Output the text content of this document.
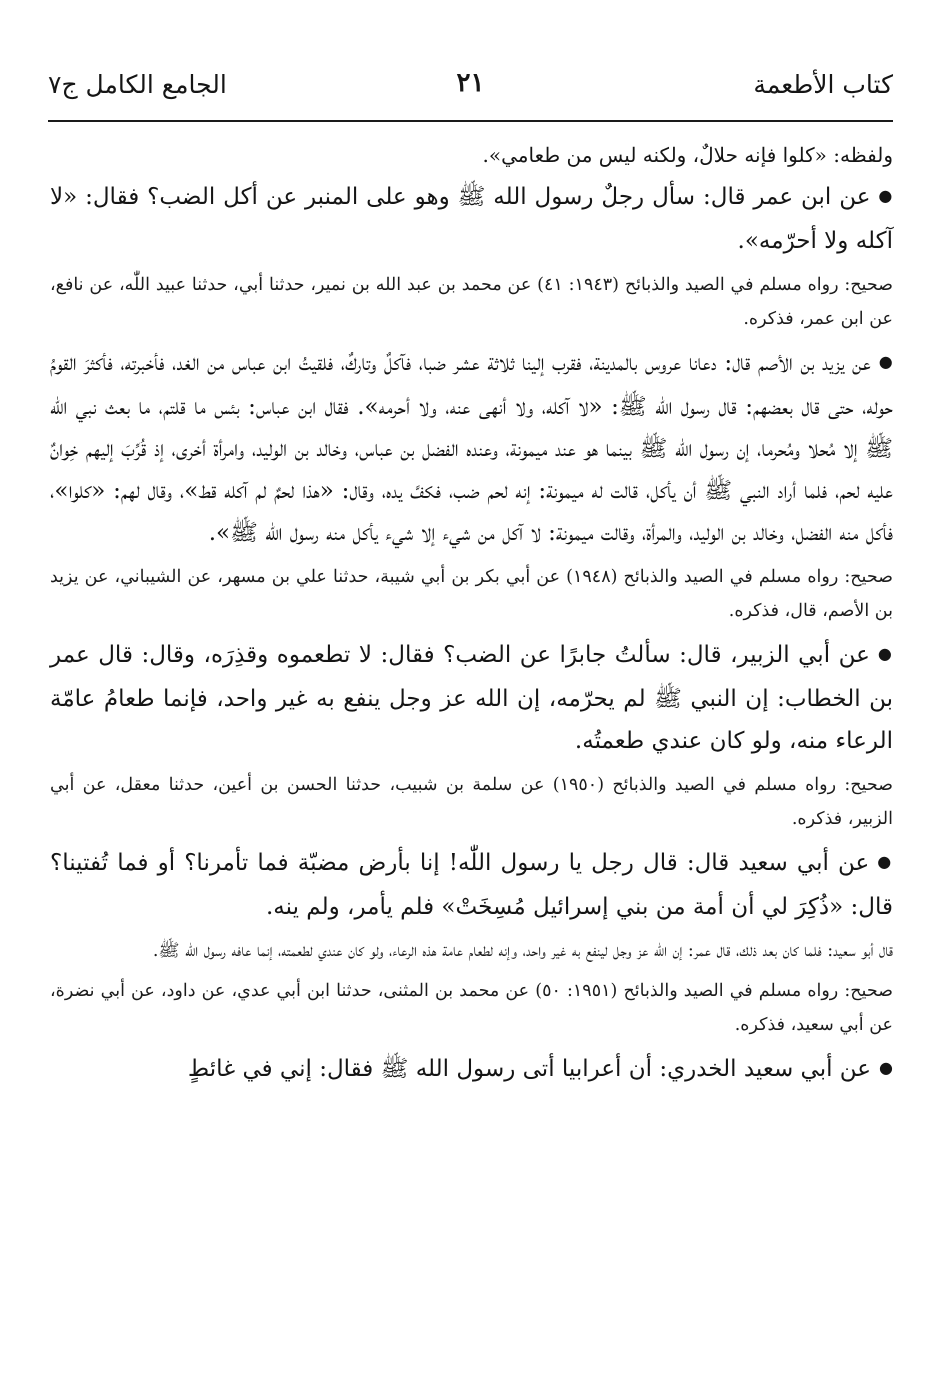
كتاب الأطعمة
٢١
الجامع الكامل ج٧

ولفظه: «كلوا فإنه حلالٌ، ولكنه ليس من طعامي».

●عن ابن عمر قال: سأل رجلٌ رسول الله ﷺ وهو على المنبر عن أكل الضب؟ فقال: «لا آكله ولا أحرّمه».

صحيح: رواه مسلم في الصيد والذبائح (١٩٤٣: ٤١) عن محمد بن عبد الله بن نمير، حدثنا أبي، حدثنا عبيد اللّٰه، عن نافع، عن ابن عمر، فذكره.

●عن يزيد بن الأصم قال: دعانا عروس بالمدينة، فقرب إلينا ثلاثة عشر ضبا، فآكلٌ وتاركٌ، فلقيتُ ابن عباس من الغد، فأخبرته، فأكثرَ القومُ حوله، حتى قال بعضهم: قال رسول الله ﷺ: «لا آكله، ولا أنهى عنه، ولا أحرمه». فقال ابن عباس: بئس ما قلتم، ما بعث نبي الله ﷺ إلا مُحلا ومُحرما، إن رسول الله ﷺ بينما هو عند ميمونة، وعنده الفضل بن عباس، وخالد بن الوليد، وامرأة أخرى، إذ قُرِّبَ إليهم خِوانٌ عليه لحم، فلما أراد النبي ﷺ أن يأكل، قالت له ميمونة: إنه لحم ضب، فكفَّ يده، وقال: «هذا لحمٌ لم آكله قط»، وقال لهم: «كلوا»، فأكل منه الفضل، وخالد بن الوليد، والمرأة، وقالت ميمونة: لا آكل من شيء إلا شيء يأكل منه رسول الله ﷺ».

صحيح: رواه مسلم في الصيد والذبائح (١٩٤٨) عن أبي بكر بن أبي شيبة، حدثنا علي بن مسهر، عن الشيباني، عن يزيد بن الأصم، قال، فذكره.

●عن أبي الزبير، قال: سألتُ جابرًا عن الضب؟ فقال: لا تطعموه وقذِرَه، وقال: قال عمر بن الخطاب: إن النبي ﷺ لم يحرّمه، إن الله عز وجل ينفع به غير واحد، فإنما طعامُ عامّة الرعاء منه، ولو كان عندي طعمتُه.

صحيح: رواه مسلم في الصيد والذبائح (١٩٥٠) عن سلمة بن شبيب، حدثنا الحسن بن أعين، حدثنا معقل، عن أبي الزبير، فذكره.

●عن أبي سعيد قال: قال رجل يا رسول اللّٰه! إنا بأرض مضبّة فما تأمرنا؟ أو فما تُفتينا؟ قال: «ذُكِرَ لي أن أمة من بني إسرائيل مُسِخَتْ» فلم يأمر، ولم ينه.

قال أبو سعيد: فلما كان بعد ذلك، قال عمر: إن الله عز وجل لينفع به غير واحد، وإنه لطعام عامة هذه الرعاء، ولو كان عندي لطعمته، إنما عافه رسول الله ﷺ.

صحيح: رواه مسلم في الصيد والذبائح (١٩٥١: ٥٠) عن محمد بن المثنى، حدثنا ابن أبي عدي، عن داود، عن أبي نضرة، عن أبي سعيد، فذكره.

●عن أبي سعيد الخدري: أن أعرابيا أتى رسول الله ﷺ فقال: إني في غائطٍ
